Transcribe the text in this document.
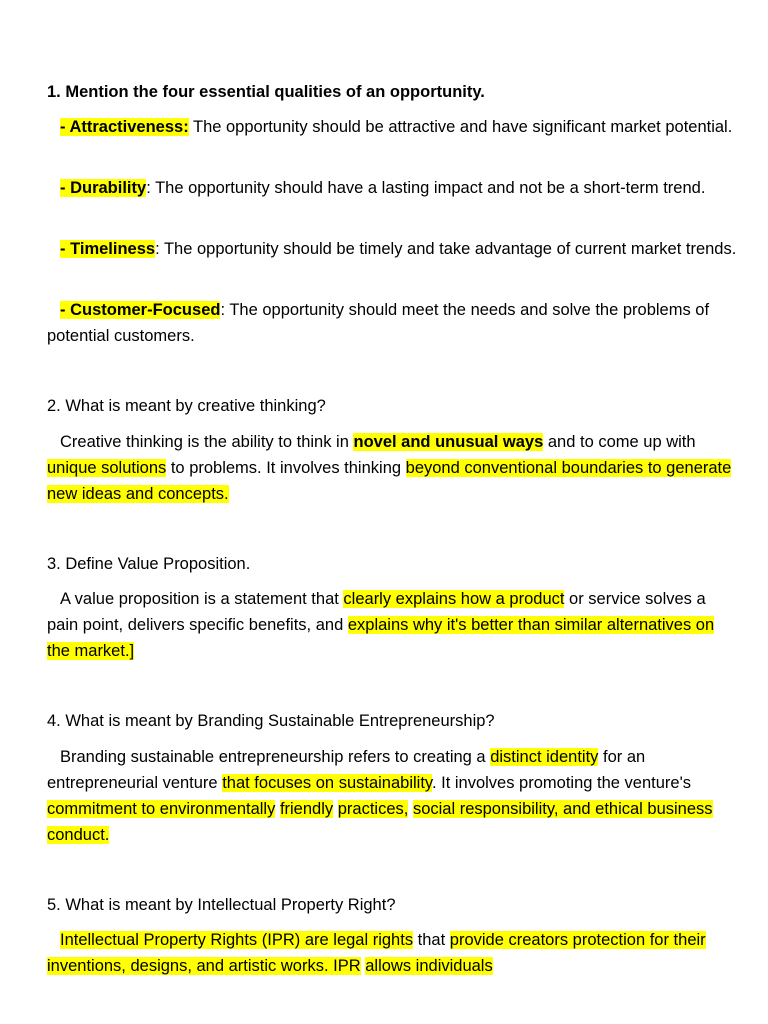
1. Mention the four essential qualities of an opportunity.

- Attractiveness: The opportunity should be attractive and have significant market potential.

- Durability: The opportunity should have a lasting impact and not be a short-term trend.

- Timeliness: The opportunity should be timely and take advantage of current market trends.

- Customer-Focused: The opportunity should meet the needs and solve the problems of potential customers.

2. What is meant by creative thinking?

Creative thinking is the ability to think in novel and unusual ways and to come up with unique solutions to problems. It involves thinking beyond conventional boundaries to generate new ideas and concepts.

3. Define Value Proposition.

A value proposition is a statement that clearly explains how a product or service solves a pain point, delivers specific benefits, and explains why it's better than similar alternatives on the market.]

4. What is meant by Branding Sustainable Entrepreneurship?

Branding sustainable entrepreneurship refers to creating a distinct identity for an entrepreneurial venture that focuses on sustainability. It involves promoting the venture's commitment to environmentally friendly practices, social responsibility, and ethical business conduct.

5. What is meant by Intellectual Property Right?

Intellectual Property Rights (IPR) are legal rights that provide creators protection for their inventions, designs, and artistic works. IPR allows individuals
